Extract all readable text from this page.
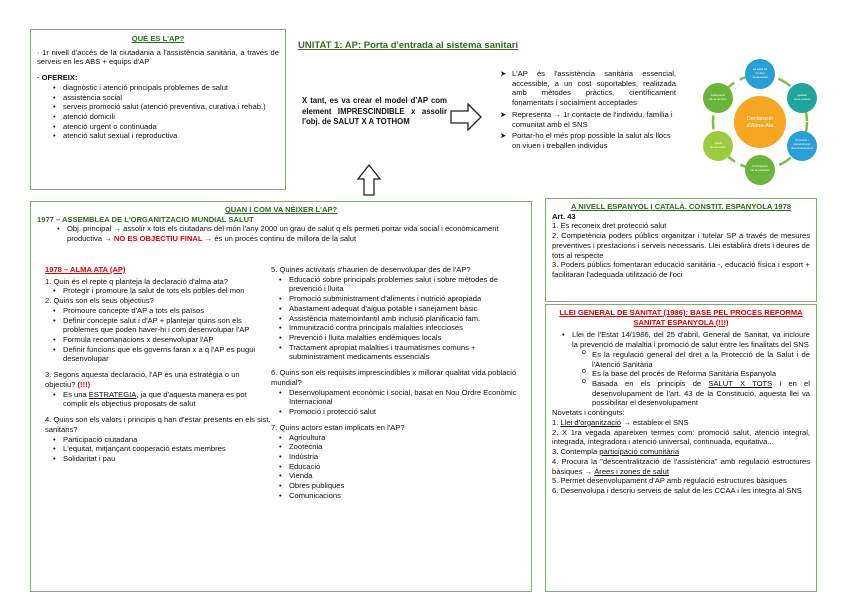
QUÈ ES L'AP?

· 1r nivell d'accés de la ciutadania a l'assistència sanitària, a través de serveis en les ABS + equips d'AP

· OFEREIX:

• diagnòstic i atenció principals problemes de salut
• assistència social
• serveis promoció salut (atenció preventiva, curativa i rehab.)
• atenció domicili
• atenció urgent o continuada
• atenció salut sexual i reproductiva
UNITAT 1: AP: Porta d'entrada al sistema sanitari

X tant, es va crear el model d'AP com element IMPRESCINDIBLE x assolir l'obj. de SALUT X A TOTHOM

➤ L'AP és l'assistència sanitària essencial, accessible, a un cost suportables, realitzada amb mètodes pràctics, científicament fonamentats i socialment acceptades
➤ Representa → 1r contacte de l'individu, família i comunitat amb el SNS
➤ Portar-ho el més prop possible la salut als llocs on viuen i treballen individus
Declaració d'Alma-Ata
La salut és un dret fonamental
Igualtat entre països
Promoció i prevenció per desenvolupament
Participació de la població
Salut fonamental
Adequació de la tècnica
QUAN I COM VA NÈIXER L'AP?

1977 – ASSEMBLEA DE L'ORGANITZACIO MUNDIAL SALUT

• Obj. principal → assolir x tots els ciutadans del món l'any 2000 un grau de salut q els permeti portar vida social i econòmicament productiva → NO ES OBJECTIU FINAL → és un procés continu de millora de la salut

1978 – ALMA ATA (AP)

1. Quin és el repte q planteja la declaració d'alma ata?

• Protegir i promoure la salut de tots els pobles del mon

2. Quins son els seus objectius?

• Promoure concepte d'AP a tots els països
• Definir concepte salut i d'AP + plantejar quins son els problemes que poden haver-hi i com desenvolupar l'AP
• Formula recomanacions x desenvolupar l'AP
• Definir funcions que els governs faran x a q l'AP es pugui desenvolupar

3. Segons aquesta declaració, l'AP és una estratègia o un objectiu? (!!!)

• Es una ESTRATEGIA, ja que d'aquesta manera es pot complir els objectius proposats de salut

4. Quins son els valors i principis q han d'estar presents en els sist. sanitaris?

• Participació ciutadana
• L'equitat, mitjançant cooperació estats membres
• Solidaritat i pau

5. Quines activitats s'haurien de desenvolupar des de l'AP?

• Educació sobre principals problemes salut i sobre mètodes de prevenció i lluita
• Promoció subministrament d'aliments i nutrició apropiada
• Abastament adequat d'aigua potable i sanejament bàsic
• Assistència maternoinfantil amb inclusió planificació fam.
• Immunització contra principals malalties infeccioses
• Prevenció i lluita malalties endèmiques locals
• Tractament apropiat malalties i traumatismes comuns + subministrament medicaments essencials

6. Quins son els requisits imprescindibles x millorar qualitat vida població mundial?

• Desenvolupament econòmic i social, basat en Nou Ordre Econòmic Internacional
• Promoció i protecció salut

7. Quins actors estan implicats en l'AP?

• Agricultura
• Zootècnia
• Indústria
• Educació
• Vienda
• Obres publiques
• Comunicacions
A NIVELL ESPANYOL I CATALÀ. CONSTIT. ESPANYOLA 1978

Art. 43

1. Es reconeix dret protecció salut

2. Competència poders públics organitzar i tutelar SP a través de mesures preventives i prestacions i serveis necessaris. Llei establirà drets i deures de tots al respecte

3. Poders públics fomentaran educació sanitària -, educació física i esport + facilitaran l'adequada utilització de l'oci

LLEI GENERAL DE SANITAT (1986): BASE PEL PROCES REFORMA SANITAT ESPANYOLA (!!!)
• Llei de l'Estat 14/1986, del 25 d'abril, General de Sanitat, va incloure la prevenció de malaltia i promoció de salut entre les finalitats del SNS
o Es la regulació general del dret a la Protecció de la Salut i de l'Atenció Sanitària
o Es la base del procés de Reforma Sanitària Espanyola
o Basada en els principis de SALUT X TOTS i en el desenvolupament de l'art. 43 de la Constitució, aquesta llei va possibilitar el desenvolupament

Novetats i continguts:

1. Llei d'organització → estableix el SNS

2. X 1ra vegada apareixen termes com: promoció salut, atenció integral, integrada, integradora i atenció universal, continuada, equitativa...

3. Contempla participació comunitària

4. Procura la "descentralització de l'assistència" amb regulació estructures bàsiques → Àrees i zones de salut

5. Permet desenvolupament d'AP amb regulació estructures bàsiques

6. Desenvolupa i descriu serveis de salut de les CCAA i les integra al SNS
